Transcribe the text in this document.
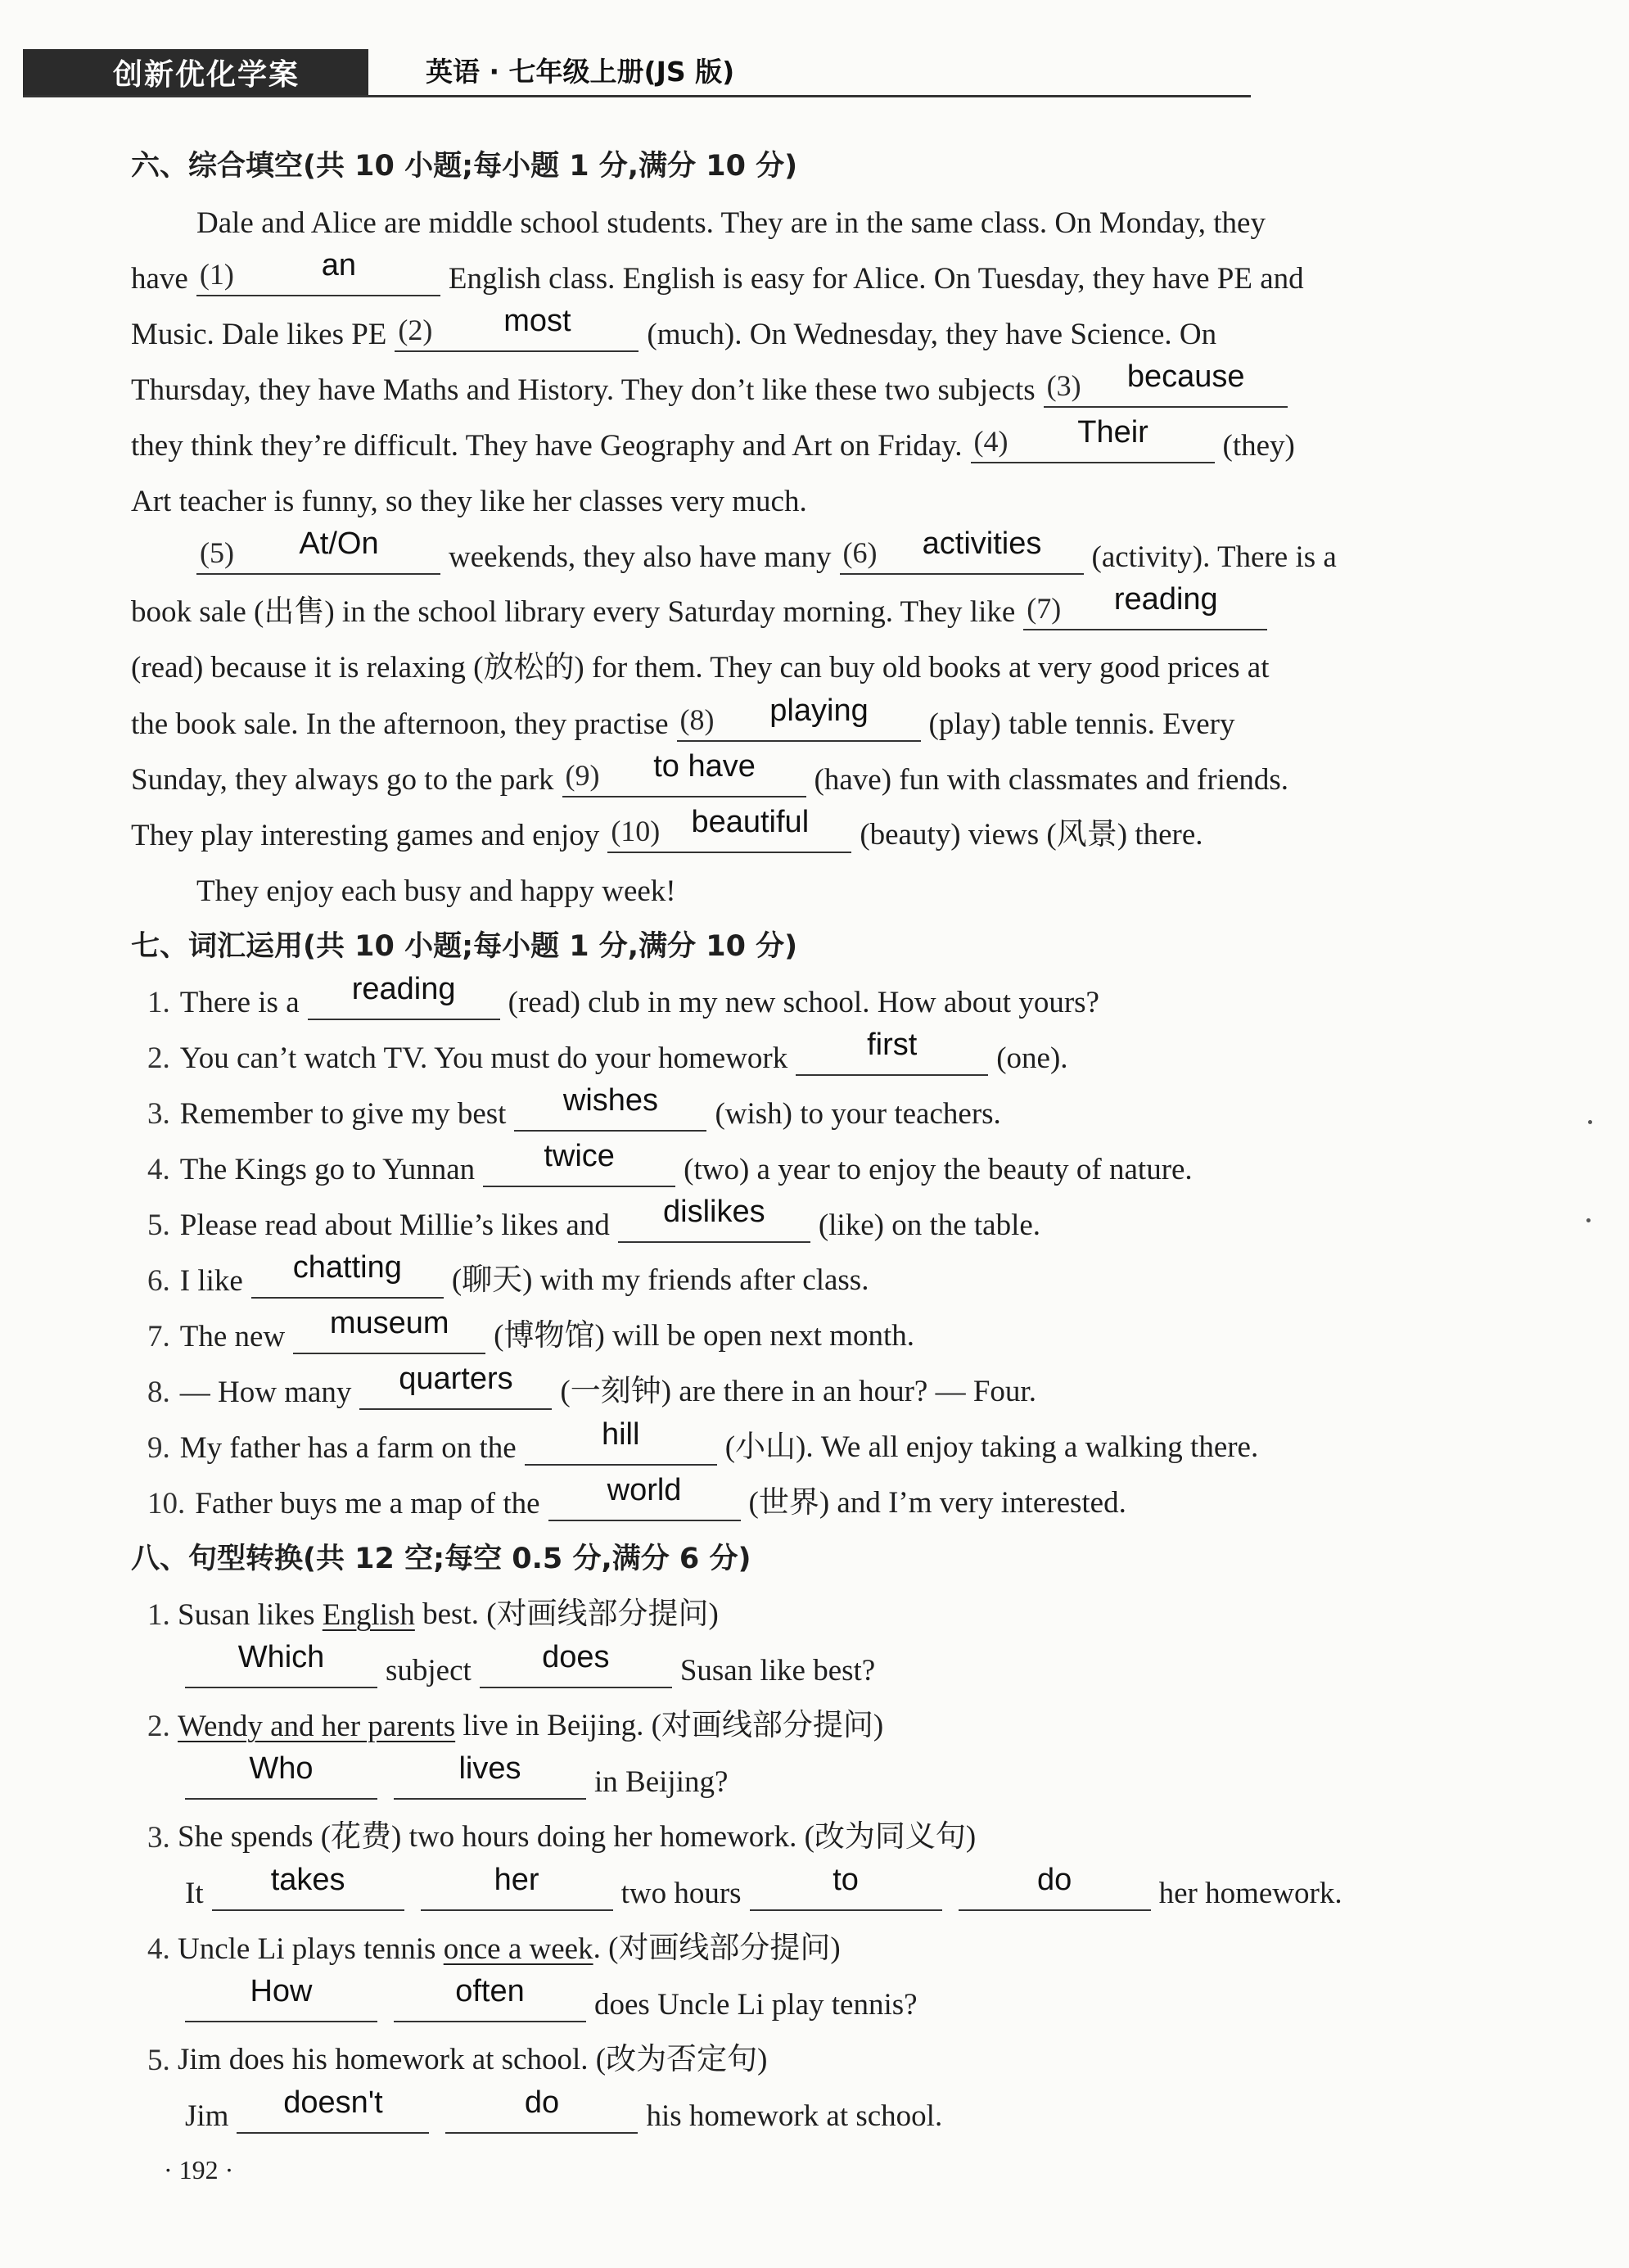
创新优化学案	英语 · 七年级上册(JS 版)
六、综合填空(共 10 小题;每小题 1 分,满分 10 分)
Dale and Alice are middle school students. They are in the same class. On Monday, they
have (1)	an	English class. English is easy for Alice. On Tuesday, they have PE and
Music. Dale likes PE (2)	most	(much). On Wednesday, they have Science. On
Thursday, they have Maths and History. They don’t like these two subjects (3)	because
they think they’re difficult. They have Geography and Art on Friday. (4)	Their	(they)
Art teacher is funny, so they like her classes very much.
(5)	At/On	weekends, they also have many (6)	activities	(activity). There is a
book sale (出售) in the school library every Saturday morning. They like (7)	reading
(read) because it is relaxing (放松的) for them. They can buy old books at very good prices at
the book sale. In the afternoon, they practise (8)	playing	(play) table tennis. Every
Sunday, they always go to the park (9)	to have	(have) fun with classmates and friends.
They play interesting games and enjoy (10)	beautiful	(beauty) views (风景) there.
They enjoy each busy and happy week!
七、词汇运用(共 10 小题;每小题 1 分,满分 10 分)
1. There is a	reading	(read) club in my new school. How about yours?
2. You can’t watch TV. You must do your homework	first	(one).
3. Remember to give my best	wishes	(wish) to your teachers.
4. The Kings go to Yunnan	twice	(two) a year to enjoy the beauty of nature.
5. Please read about Millie’s likes and	dislikes	(like) on the table.
6. I like	chatting	(聊天) with my friends after class.
7. The new	museum	(博物馆) will be open next month.
8. — How many	quarters	(一刻钟) are there in an hour? — Four.
9. My father has a farm on the	hill	(小山). We all enjoy taking a walking there.
10. Father buys me a map of the	world	(世界) and I’m very interested.
八、句型转换(共 12 空;每空 0.5 分,满分 6 分)
1.
Susan likes
English
best. (对画线部分提问)
Which	subject	does	Susan like best?
2.
Wendy and her parents
live in Beijing. (对画线部分提问)
Who	lives	in Beijing?
3.
She spends (花费) two hours doing her homework. (改为同义句)
It	takes	her	two hours	to	do	her homework.
4.
Uncle Li plays tennis
once a week . (对画线部分提问)
How	often	does Uncle Li play tennis?
5.
Jim does his homework at school. (改为否定句)
Jim	doesn't	do	his homework at school.
· 192 ·
